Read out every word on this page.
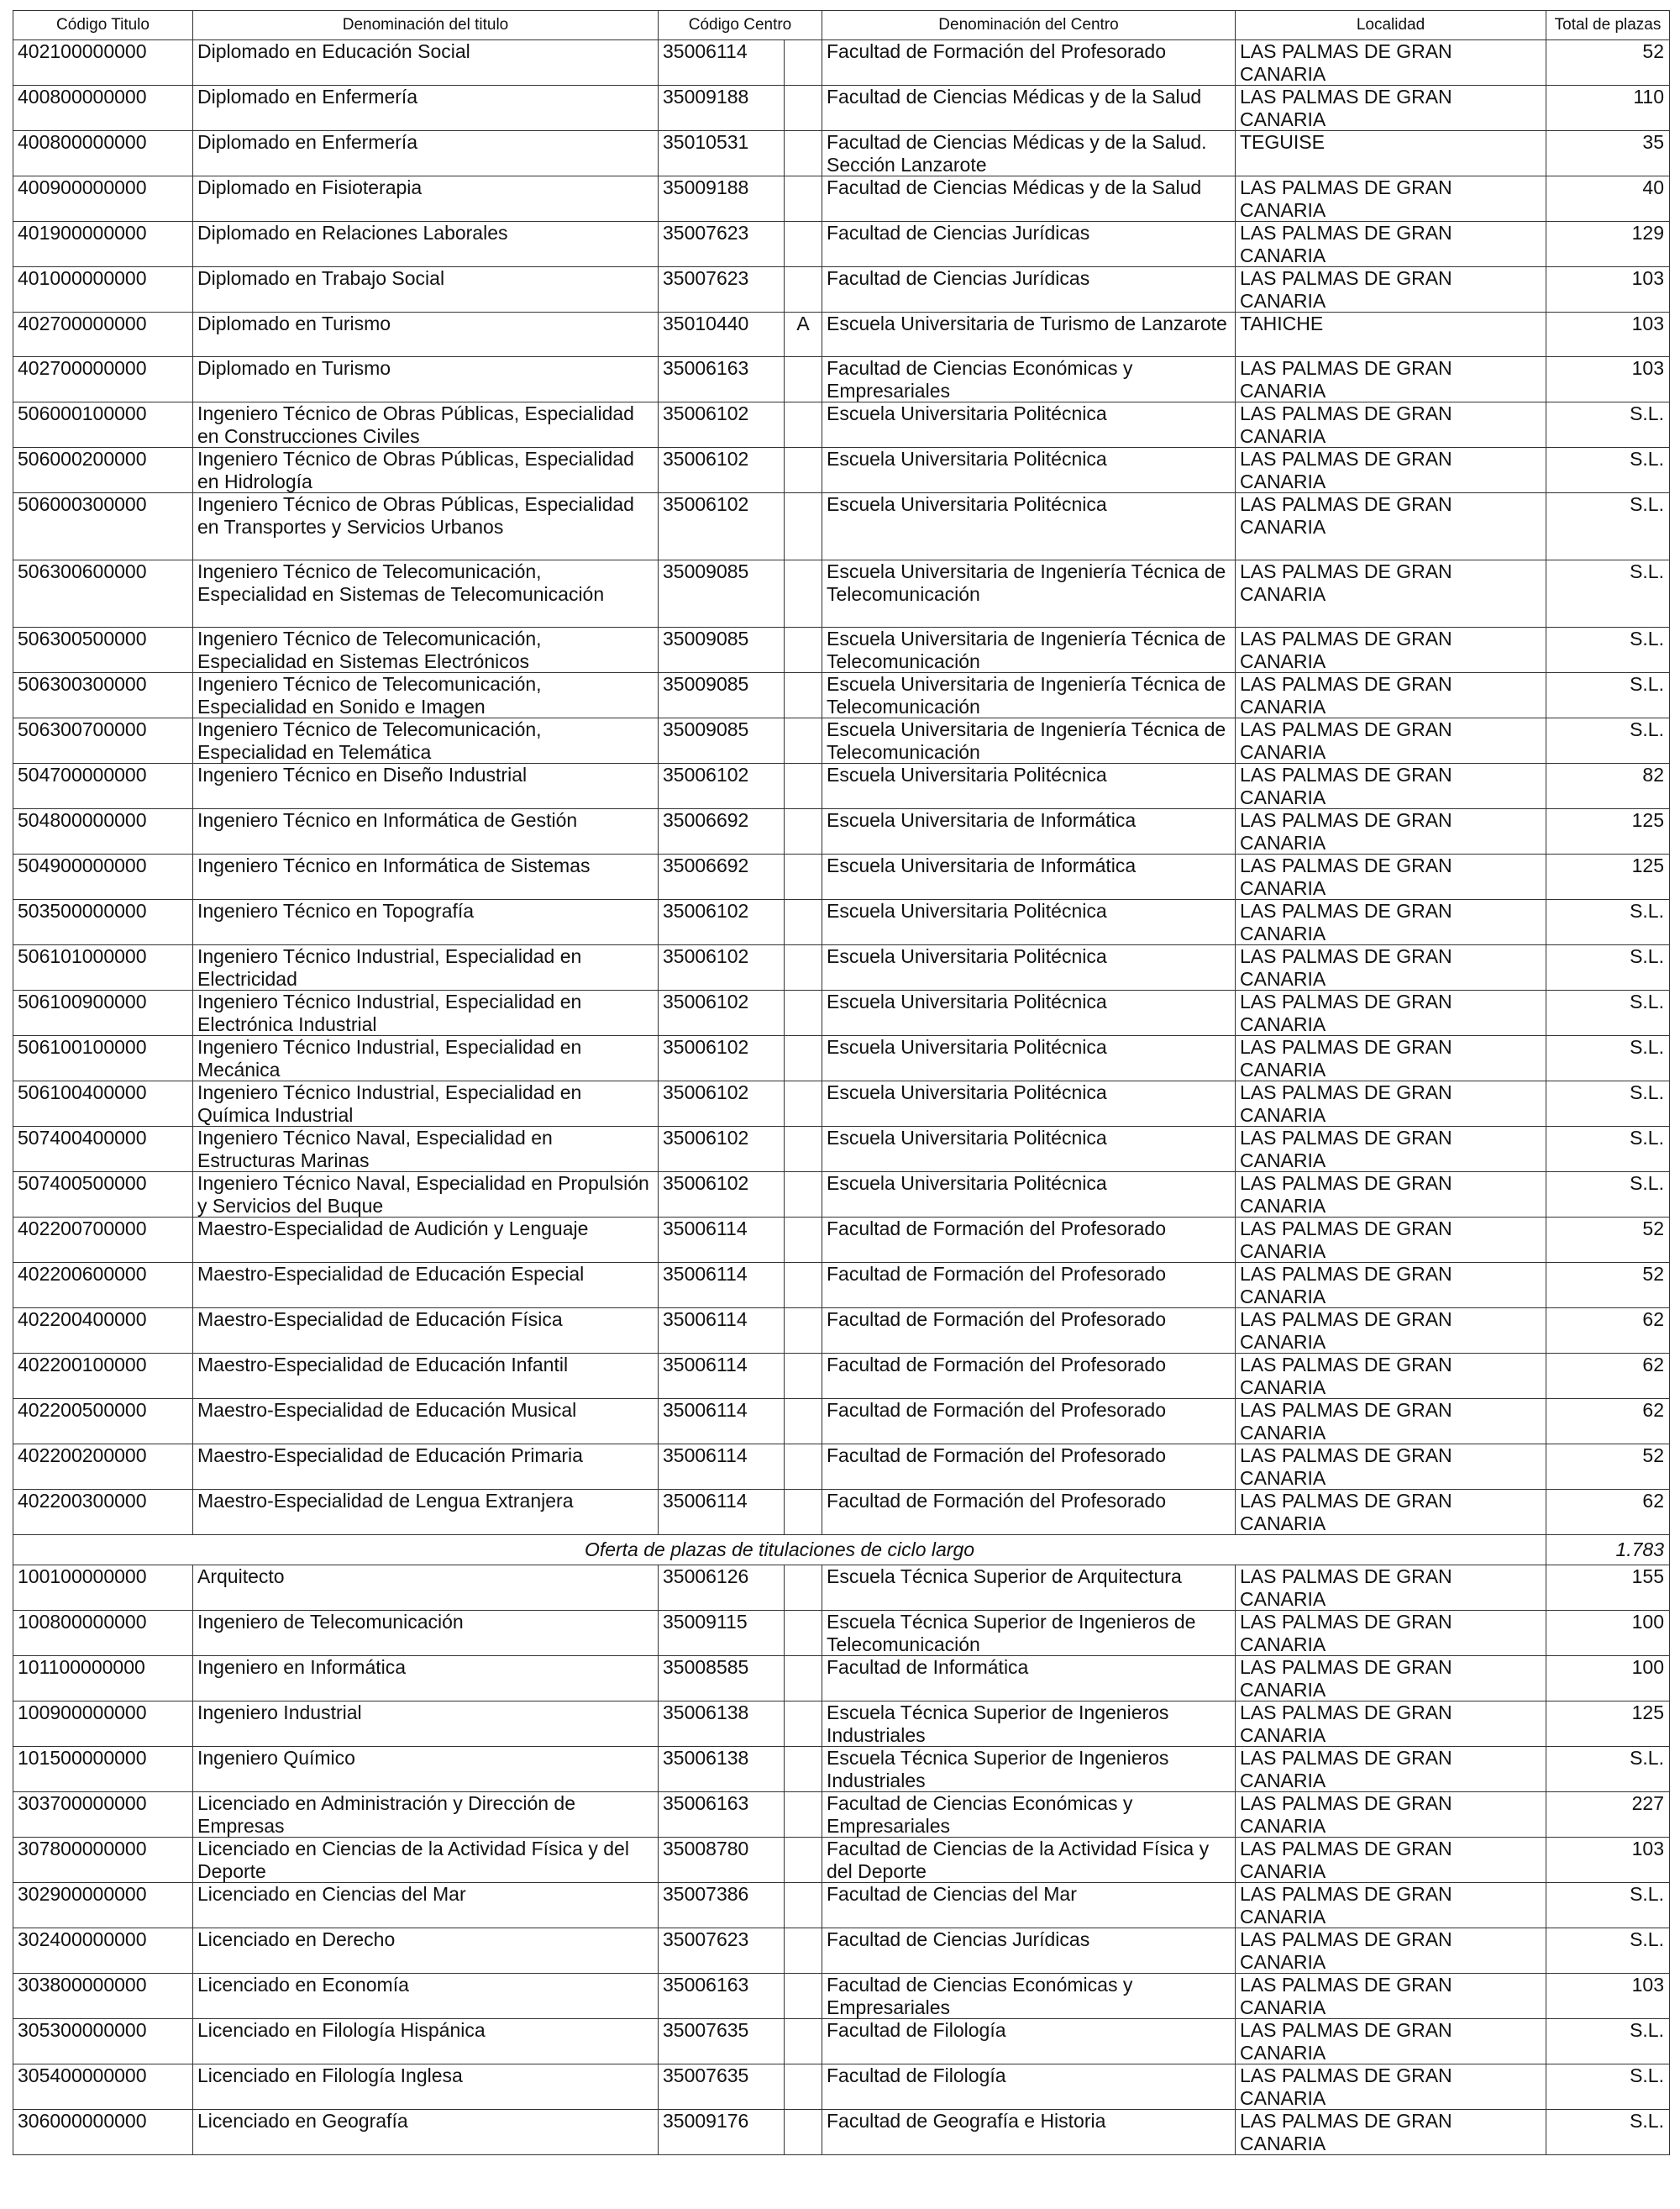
Código Titulo	Denominación del titulo	Código Centro		Denominación del Centro	Localidad	Total de plazas
402100000000	Diplomado en Educación Social	35006114		Facultad de Formación del Profesorado	LAS PALMAS DE GRAN CANARIA	52
400800000000	Diplomado en Enfermería	35009188		Facultad de Ciencias Médicas y de la Salud	LAS PALMAS DE GRAN CANARIA	110
400800000000	Diplomado en Enfermería	35010531		Facultad de Ciencias Médicas y de la Salud. Sección Lanzarote	TEGUISE	35
400900000000	Diplomado en Fisioterapia	35009188		Facultad de Ciencias Médicas y de la Salud	LAS PALMAS DE GRAN CANARIA	40
401900000000	Diplomado en Relaciones Laborales	35007623		Facultad de Ciencias Jurídicas	LAS PALMAS DE GRAN CANARIA	129
401000000000	Diplomado en Trabajo Social	35007623		Facultad de Ciencias Jurídicas	LAS PALMAS DE GRAN CANARIA	103
402700000000	Diplomado en Turismo	35010440	A	Escuela Universitaria de Turismo de Lanzarote	TAHICHE	103
402700000000	Diplomado en Turismo	35006163		Facultad de Ciencias Económicas y Empresariales	LAS PALMAS DE GRAN CANARIA	103
506000100000	Ingeniero Técnico de Obras Públicas, Especialidad en Construcciones Civiles	35006102		Escuela Universitaria Politécnica	LAS PALMAS DE GRAN CANARIA	S.L.
506000200000	Ingeniero Técnico de Obras Públicas, Especialidad en Hidrología	35006102		Escuela Universitaria Politécnica	LAS PALMAS DE GRAN CANARIA	S.L.
506000300000	Ingeniero Técnico de Obras Públicas, Especialidad en Transportes y Servicios Urbanos	35006102		Escuela Universitaria Politécnica	LAS PALMAS DE GRAN CANARIA	S.L.
506300600000	Ingeniero Técnico de Telecomunicación, Especialidad en Sistemas de Telecomunicación	35009085		Escuela Universitaria de Ingeniería Técnica de Telecomunicación	LAS PALMAS DE GRAN CANARIA	S.L.
506300500000	Ingeniero Técnico de Telecomunicación, Especialidad en Sistemas Electrónicos	35009085		Escuela Universitaria de Ingeniería Técnica de Telecomunicación	LAS PALMAS DE GRAN CANARIA	S.L.
506300300000	Ingeniero Técnico de Telecomunicación, Especialidad en Sonido e Imagen	35009085		Escuela Universitaria de Ingeniería Técnica de Telecomunicación	LAS PALMAS DE GRAN CANARIA	S.L.
506300700000	Ingeniero Técnico de Telecomunicación, Especialidad en Telemática	35009085		Escuela Universitaria de Ingeniería Técnica de Telecomunicación	LAS PALMAS DE GRAN CANARIA	S.L.
504700000000	Ingeniero Técnico en Diseño Industrial	35006102		Escuela Universitaria Politécnica	LAS PALMAS DE GRAN CANARIA	82
504800000000	Ingeniero Técnico en Informática de Gestión	35006692		Escuela Universitaria de Informática	LAS PALMAS DE GRAN CANARIA	125
504900000000	Ingeniero Técnico en Informática de Sistemas	35006692		Escuela Universitaria de Informática	LAS PALMAS DE GRAN CANARIA	125
503500000000	Ingeniero Técnico en Topografía	35006102		Escuela Universitaria Politécnica	LAS PALMAS DE GRAN CANARIA	S.L.
506101000000	Ingeniero Técnico Industrial, Especialidad en Electricidad	35006102		Escuela Universitaria Politécnica	LAS PALMAS DE GRAN CANARIA	S.L.
506100900000	Ingeniero Técnico Industrial, Especialidad en Electrónica Industrial	35006102		Escuela Universitaria Politécnica	LAS PALMAS DE GRAN CANARIA	S.L.
506100100000	Ingeniero Técnico Industrial, Especialidad en Mecánica	35006102		Escuela Universitaria Politécnica	LAS PALMAS DE GRAN CANARIA	S.L.
506100400000	Ingeniero Técnico Industrial, Especialidad en Química Industrial	35006102		Escuela Universitaria Politécnica	LAS PALMAS DE GRAN CANARIA	S.L.
507400400000	Ingeniero Técnico Naval, Especialidad en Estructuras Marinas	35006102		Escuela Universitaria Politécnica	LAS PALMAS DE GRAN CANARIA	S.L.
507400500000	Ingeniero Técnico Naval, Especialidad en Propulsión y Servicios del Buque	35006102		Escuela Universitaria Politécnica	LAS PALMAS DE GRAN CANARIA	S.L.
402200700000	Maestro-Especialidad de Audición y Lenguaje	35006114		Facultad de Formación del Profesorado	LAS PALMAS DE GRAN CANARIA	52
402200600000	Maestro-Especialidad de Educación Especial	35006114		Facultad de Formación del Profesorado	LAS PALMAS DE GRAN CANARIA	52
402200400000	Maestro-Especialidad de Educación Física	35006114		Facultad de Formación del Profesorado	LAS PALMAS DE GRAN CANARIA	62
402200100000	Maestro-Especialidad de Educación Infantil	35006114		Facultad de Formación del Profesorado	LAS PALMAS DE GRAN CANARIA	62
402200500000	Maestro-Especialidad de Educación Musical	35006114		Facultad de Formación del Profesorado	LAS PALMAS DE GRAN CANARIA	62
402200200000	Maestro-Especialidad de Educación Primaria	35006114		Facultad de Formación del Profesorado	LAS PALMAS DE GRAN CANARIA	52
402200300000	Maestro-Especialidad de Lengua Extranjera	35006114		Facultad de Formación del Profesorado	LAS PALMAS DE GRAN CANARIA	62
Oferta de plazas de titulaciones de ciclo largo						1.783
100100000000	Arquitecto	35006126		Escuela Técnica Superior de Arquitectura	LAS PALMAS DE GRAN CANARIA	155
100800000000	Ingeniero de Telecomunicación	35009115		Escuela Técnica Superior de Ingenieros de Telecomunicación	LAS PALMAS DE GRAN CANARIA	100
101100000000	Ingeniero en Informática	35008585		Facultad de Informática	LAS PALMAS DE GRAN CANARIA	100
100900000000	Ingeniero Industrial	35006138		Escuela Técnica Superior de Ingenieros Industriales	LAS PALMAS DE GRAN CANARIA	125
101500000000	Ingeniero Químico	35006138		Escuela Técnica Superior de Ingenieros Industriales	LAS PALMAS DE GRAN CANARIA	S.L.
303700000000	Licenciado en Administración y Dirección de Empresas	35006163		Facultad de Ciencias Económicas y Empresariales	LAS PALMAS DE GRAN CANARIA	227
307800000000	Licenciado en Ciencias de la Actividad Física y del Deporte	35008780		Facultad de Ciencias de la Actividad Física y del Deporte	LAS PALMAS DE GRAN CANARIA	103
302900000000	Licenciado en Ciencias del Mar	35007386		Facultad de Ciencias del Mar	LAS PALMAS DE GRAN CANARIA	S.L.
302400000000	Licenciado en Derecho	35007623		Facultad de Ciencias Jurídicas	LAS PALMAS DE GRAN CANARIA	S.L.
303800000000	Licenciado en Economía	35006163		Facultad de Ciencias Económicas y Empresariales	LAS PALMAS DE GRAN CANARIA	103
305300000000	Licenciado en Filología Hispánica	35007635		Facultad de Filología	LAS PALMAS DE GRAN CANARIA	S.L.
305400000000	Licenciado en Filología Inglesa	35007635		Facultad de Filología	LAS PALMAS DE GRAN CANARIA	S.L.
306000000000	Licenciado en Geografía	35009176		Facultad de Geografía e Historia	LAS PALMAS DE GRAN CANARIA	S.L.
